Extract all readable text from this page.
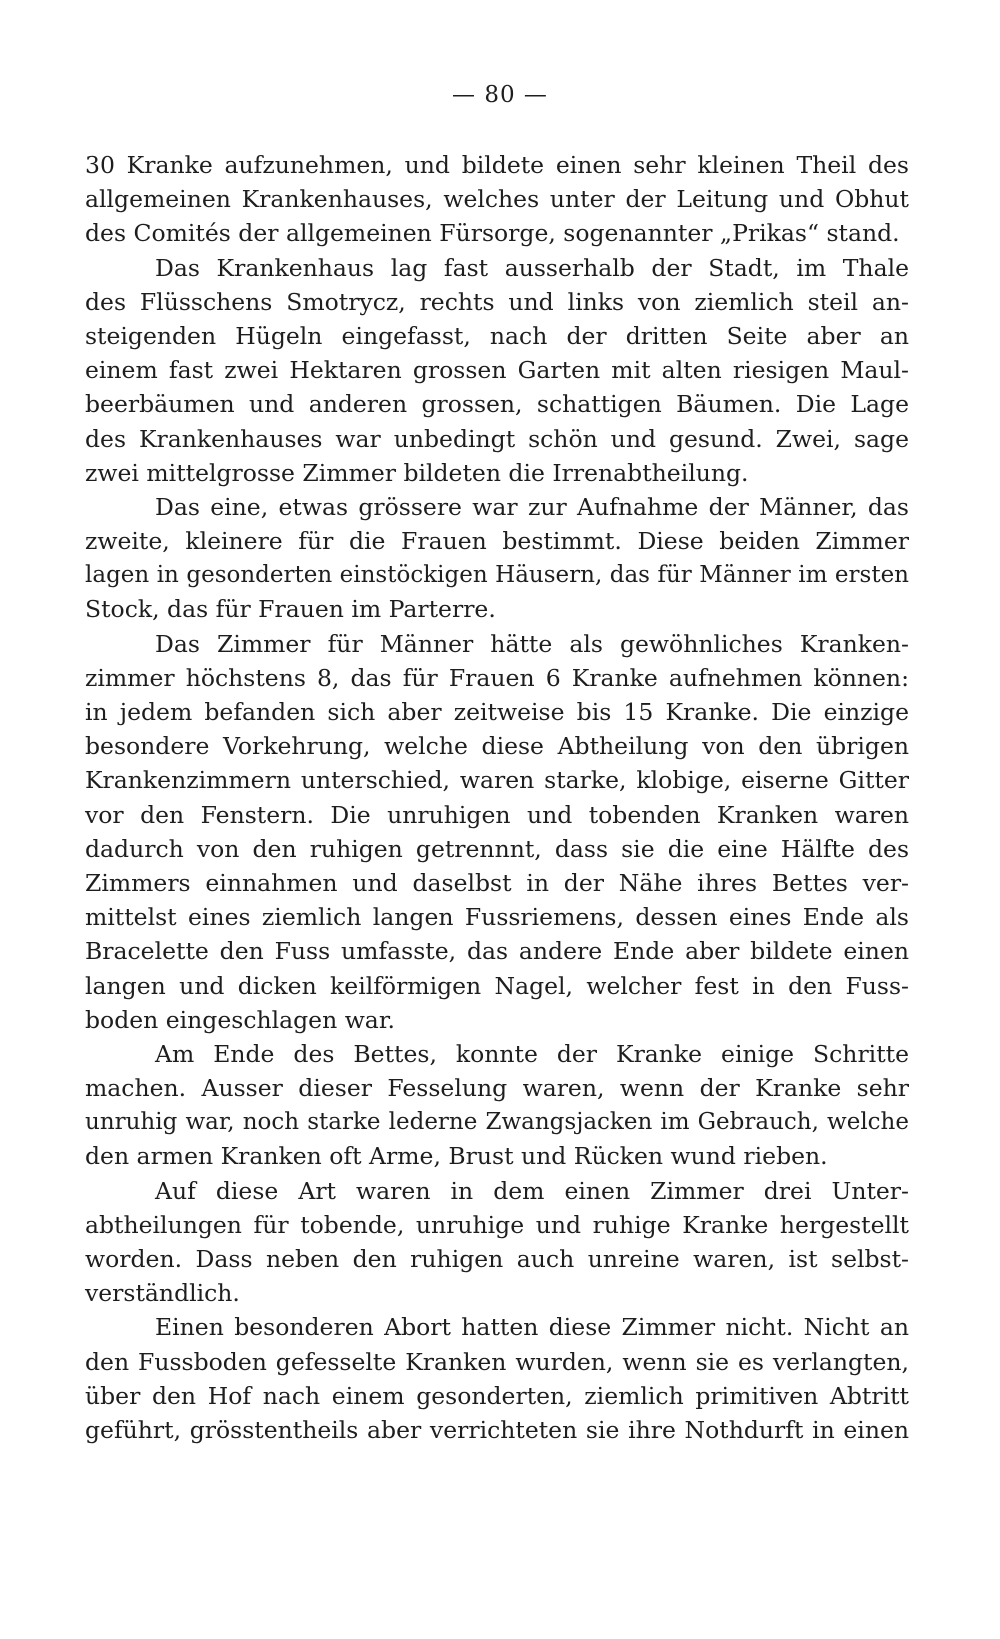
— 80 —
30 Kranke aufzunehmen, und bildete einen sehr kleinen Theil des
allgemeinen Krankenhauses, welches unter der Leitung und Obhut
des Comités der allgemeinen Fürsorge, sogenannter „Prikas“ stand.
Das Krankenhaus lag fast ausserhalb der Stadt, im Thale
des Flüsschens Smotrycz, rechts und links von ziemlich steil an-
steigenden Hügeln eingefasst, nach der dritten Seite aber an
einem fast zwei Hektaren grossen Garten mit alten riesigen Maul-
beerbäumen und anderen grossen, schattigen Bäumen. Die Lage
des Krankenhauses war unbedingt schön und gesund. Zwei, sage
zwei mittelgrosse Zimmer bildeten die Irrenabtheilung.
Das eine, etwas grössere war zur Aufnahme der Männer, das
zweite, kleinere für die Frauen bestimmt. Diese beiden Zimmer
lagen in gesonderten einstöckigen Häusern, das für Männer im ersten
Stock, das für Frauen im Parterre.
Das Zimmer für Männer hätte als gewöhnliches Kranken-
zimmer höchstens 8, das für Frauen 6 Kranke aufnehmen können:
in jedem befanden sich aber zeitweise bis 15 Kranke. Die einzige
besondere Vorkehrung, welche diese Abtheilung von den übrigen
Krankenzimmern unterschied, waren starke, klobige, eiserne Gitter
vor den Fenstern. Die unruhigen und tobenden Kranken waren
dadurch von den ruhigen getrennnt, dass sie die eine Hälfte des
Zimmers einnahmen und daselbst in der Nähe ihres Bettes ver-
mittelst eines ziemlich langen Fussriemens, dessen eines Ende als
Bracelette den Fuss umfasste, das andere Ende aber bildete einen
langen und dicken keilförmigen Nagel, welcher fest in den Fuss-
boden eingeschlagen war.
Am Ende des Bettes, konnte der Kranke einige Schritte
machen. Ausser dieser Fesselung waren, wenn der Kranke sehr
unruhig war, noch starke lederne Zwangsjacken im Gebrauch, welche
den armen Kranken oft Arme, Brust und Rücken wund rieben.
Auf diese Art waren in dem einen Zimmer drei Unter-
abtheilungen für tobende, unruhige und ruhige Kranke hergestellt
worden. Dass neben den ruhigen auch unreine waren, ist selbst-
verständlich.
Einen besonderen Abort hatten diese Zimmer nicht. Nicht an
den Fussboden gefesselte Kranken wurden, wenn sie es verlangten,
über den Hof nach einem gesonderten, ziemlich primitiven Abtritt
geführt, grösstentheils aber verrichteten sie ihre Nothdurft in einen
